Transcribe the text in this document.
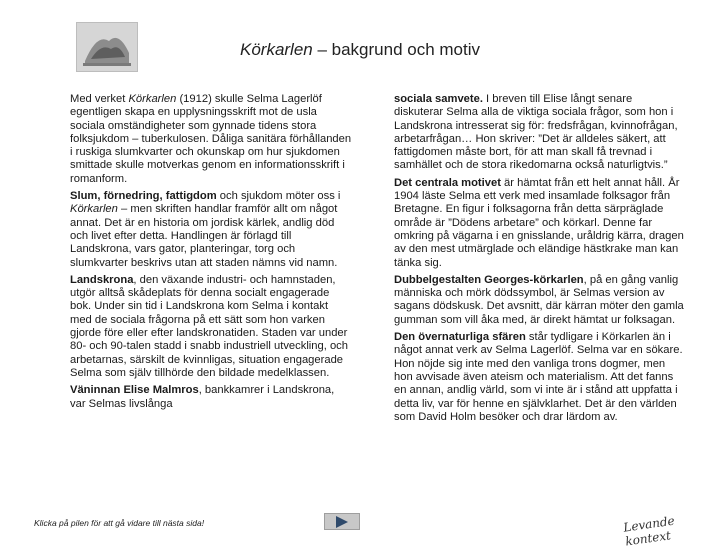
Körkarlen – bakgrund och motiv

Med verket Körkarlen (1912) skulle Selma Lagerlöf egentligen skapa en upplysningsskrift mot de usla sociala omständigheter som gynnade tidens stora folksjukdom – tuberkulosen. Dåliga sanitära förhållanden i ruskiga slumkvarter och okunskap om hur sjukdomen smittade skulle motverkas genom en informationsskrift i romanform.

Slum, förnedring, fattigdom och sjukdom möter oss i Körkarlen – men skriften handlar framför allt om något annat. Det är en historia om jordisk kärlek, andlig död och livet efter detta. Handlingen är förlagd till Landskrona, vars gator, planteringar, torg och slumkvarter beskrivs utan att staden nämns vid namn.

Landskrona, den växande industri- och hamnstaden, utgör alltså skådeplats för denna socialt engagerade bok. Under sin tid i Landskrona kom Selma i kontakt med de sociala frågorna på ett sätt som hon varken gjorde före eller efter landskronatiden. Staden var under 80- och 90-talen stadd i snabb industriell utveckling, och arbetarnas, särskilt de kvinnligas, situation engagerade Selma som själv tillhörde den bildade medelklassen.

Väninnan Elise Malmros, bankkamrer i Landskrona, var Selmas livslånga

sociala samvete. I breven till Elise långt senare diskuterar Selma alla de viktiga sociala frågor, som hon i Landskrona intresserat sig för: fredsfrågan, kvinnofrågan, arbetarfrågan… Hon skriver: ”Det är alldeles säkert, att fattigdomen måste bort, för att man skall få trevnad i samhället och de stora rikedomarna också naturligtvis.”

Det centrala motivet är hämtat från ett helt annat håll. År 1904 läste Selma ett verk med insamlade folksagor från Bretagne. En figur i folksagorna från detta särpräglade område är ”Dödens arbetare” och körkarl. Denne far omkring på vägarna i en gnisslande, uråldrig kärra, dragen av den mest utmärglade och eländige hästkrake man kan tänka sig.

Dubbelgestalten Georges-körkarlen, på en gång vanlig människa och mörk dödssymbol, är Selmas version av sagans dödskusk. Det avsnitt, där kärran möter den gamla gumman som vill åka med, är direkt hämtat ur folksagan.

Den övernaturliga sfären står tydligare i Körkarlen än i något annat verk av Selma Lagerlöf. Selma var en sökare. Hon nöjde sig inte med den vanliga trons dogmer, men hon avvisade även ateism och materialism. Att det fanns en annan, andlig värld, som vi inte är i stånd att uppfatta i detta liv, var för henne en självklarhet. Det är den världen som David Holm besöker och drar lärdom av.

Klicka på pilen för att gå vidare till nästa sida!	Levande kontext
